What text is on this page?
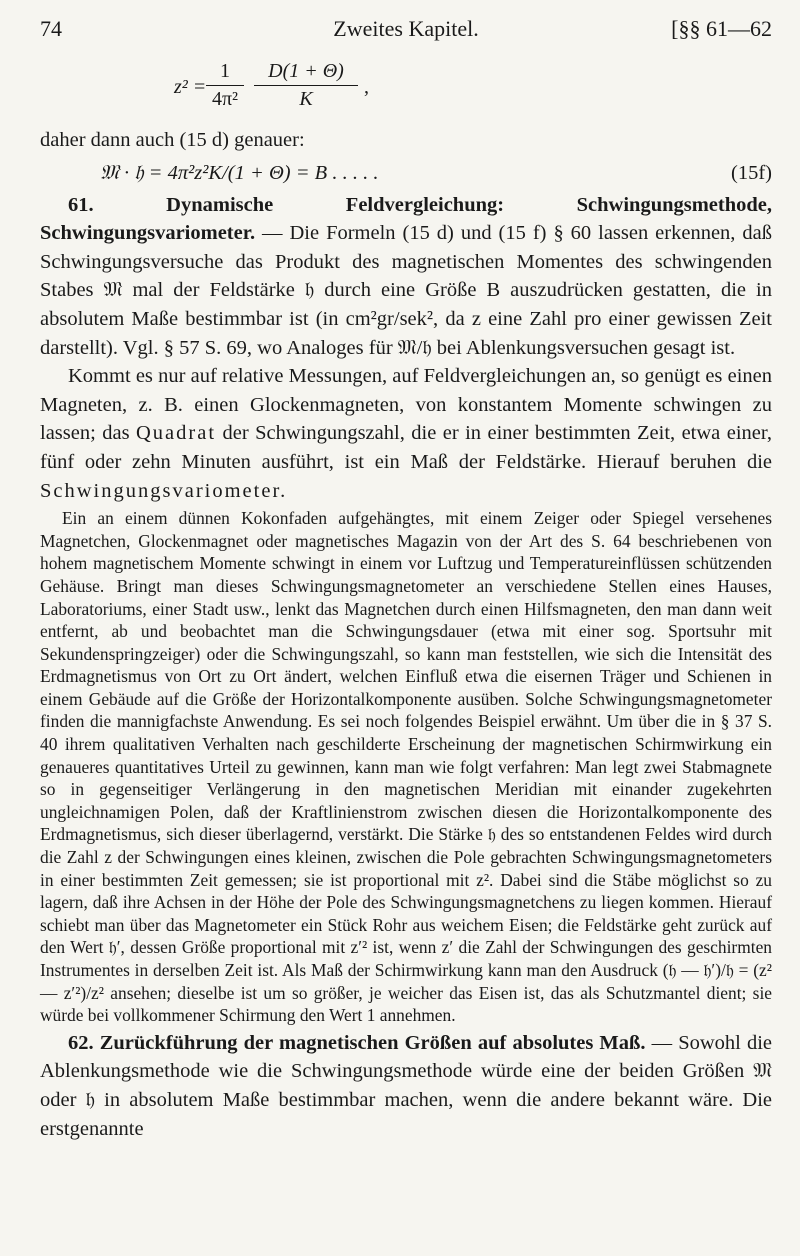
74	Zweites Kapitel.	[§§ 61—62
$z^2 = \frac{1}{\text{4π²}} \frac{D(1 + \Theta)}{K}$ ,

daher dann auch (15 d) genauer:

𝔐 · 𝔥 = 4π²z²K/(1 + Θ) = B . . . . .	(15f)

61. Dynamische Feldvergleichung: Schwingungsmethode, Schwingungsvariometer. — Die Formeln (15 d) und (15 f) § 60 lassen erkennen, daß Schwingungsversuche das Produkt des magnetischen Momentes des schwingenden Stabes 𝔐 mal der Feldstärke 𝔥 durch eine Größe B auszudrücken gestatten, die in absolutem Maße bestimmbar ist (in cm²gr/sek², da z eine Zahl pro einer gewissen Zeit darstellt). Vgl. § 57 S. 69, wo Analoges für 𝔐/𝔥 bei Ablenkungsversuchen gesagt ist.

Kommt es nur auf relative Messungen, auf Feldvergleichungen an, so genügt es einen Magneten, z. B. einen Glockenmagneten, von konstantem Momente schwingen zu lassen; das Quadrat der Schwingungszahl, die er in einer bestimmten Zeit, etwa einer, fünf oder zehn Minuten ausführt, ist ein Maß der Feldstärke. Hierauf beruhen die Schwingungsvariometer.

Ein an einem dünnen Kokonfaden aufgehängtes, mit einem Zeiger oder Spiegel versehenes Magnetchen, Glockenmagnet oder magnetisches Magazin von der Art des S. 64 beschriebenen von hohem magnetischem Momente schwingt in einem vor Luftzug und Temperatureinflüssen schützenden Gehäuse. Bringt man dieses Schwingungsmagnetometer an verschiedene Stellen eines Hauses, Laboratoriums, einer Stadt usw., lenkt das Magnetchen durch einen Hilfsmagneten, den man dann weit entfernt, ab und beobachtet man die Schwingungsdauer (etwa mit einer sog. Sportsuhr mit Sekundenspringzeiger) oder die Schwingungszahl, so kann man feststellen, wie sich die Intensität des Erdmagnetismus von Ort zu Ort ändert, welchen Einfluß etwa die eisernen Träger und Schienen in einem Gebäude auf die Größe der Horizontalkomponente ausüben. Solche Schwingungsmagnetometer finden die mannigfachste Anwendung. Es sei noch folgendes Beispiel erwähnt. Um über die in § 37 S. 40 ihrem qualitativen Verhalten nach geschilderte Erscheinung der magnetischen Schirmwirkung ein genaueres quantitatives Urteil zu gewinnen, kann man wie folgt verfahren: Man legt zwei Stabmagnete so in gegenseitiger Verlängerung in den magnetischen Meridian mit einander zugekehrten ungleichnamigen Polen, daß der Kraftlinienstrom zwischen diesen die Horizontalkomponente des Erdmagnetismus, sich dieser überlagernd, verstärkt. Die Stärke 𝔥 des so entstandenen Feldes wird durch die Zahl z der Schwingungen eines kleinen, zwischen die Pole gebrachten Schwingungsmagnetometers in einer bestimmten Zeit gemessen; sie ist proportional mit z². Dabei sind die Stäbe möglichst so zu lagern, daß ihre Achsen in der Höhe der Pole des Schwingungsmagnetchens zu liegen kommen. Hierauf schiebt man über das Magnetometer ein Stück Rohr aus weichem Eisen; die Feldstärke geht zurück auf den Wert 𝔥′, dessen Größe proportional mit z′² ist, wenn z′ die Zahl der Schwingungen des geschirmten Instrumentes in derselben Zeit ist. Als Maß der Schirmwirkung kann man den Ausdruck (𝔥 — 𝔥′)/𝔥 = (z² — z′²)/z² ansehen; dieselbe ist um so größer, je weicher das Eisen ist, das als Schutzmantel dient; sie würde bei vollkommener Schirmung den Wert 1 annehmen.

62. Zurückführung der magnetischen Größen auf absolutes Maß. — Sowohl die Ablenkungsmethode wie die Schwingungsmethode würde eine der beiden Größen 𝔐 oder 𝔥 in absolutem Maße bestimmbar machen, wenn die andere bekannt wäre. Die erstgenannte
